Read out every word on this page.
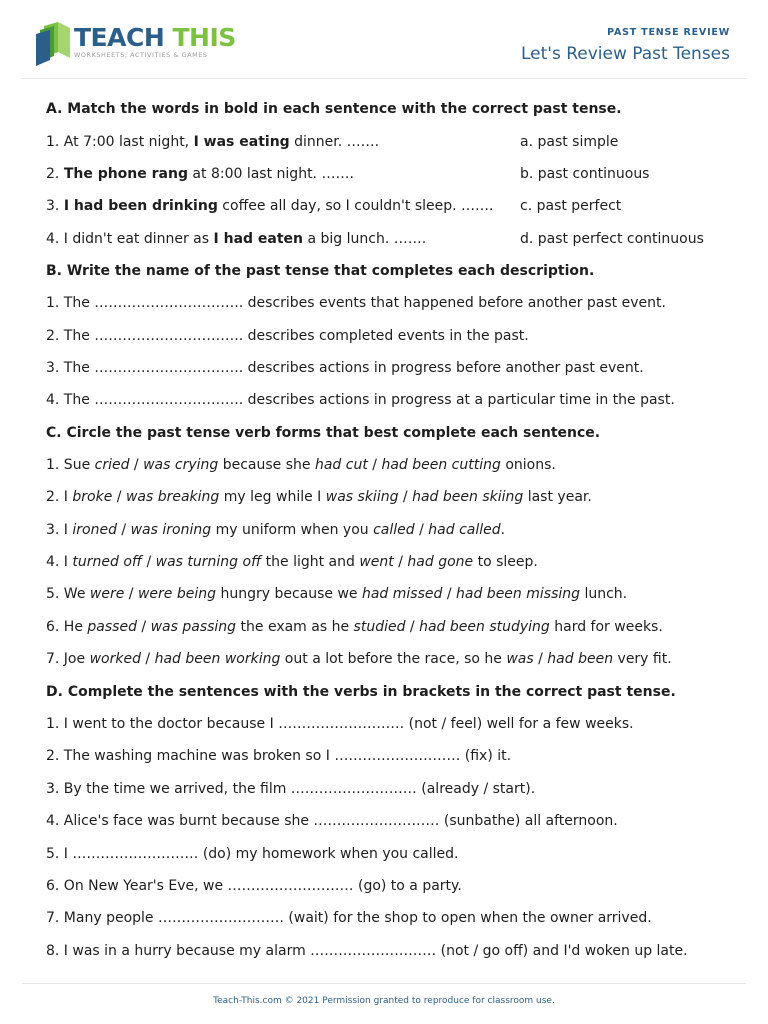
TEACH THIS
WORKSHEETS, ACTIVITIES & GAMES
PAST TENSE REVIEW
Let's Review Past Tenses
A. Match the words in bold in each sentence with the correct past tense.
1. At 7:00 last night, I was eating dinner. …….	a. past simple
2. The phone rang at 8:00 last night. …….	b. past continuous
3. I had been drinking coffee all day, so I couldn't sleep. ……. c. past perfect
4. I didn't eat dinner as I had eaten a big lunch. …….	d. past perfect continuous
B. Write the name of the past tense that completes each description.
1. The ………………………….. describes events that happened before another past event.
2. The ………………………….. describes completed events in the past.
3. The ………………………….. describes actions in progress before another past event.
4. The ………………………….. describes actions in progress at a particular time in the past.
C. Circle the past tense verb forms that best complete each sentence.
1. Sue cried / was crying because she had cut / had been cutting onions.
2. I broke / was breaking my leg while I was skiing / had been skiing last year.
3. I ironed / was ironing my uniform when you called / had called.
4. I turned off / was turning off the light and went / had gone to sleep.
5. We were / were being hungry because we had missed / had been missing lunch.
6. He passed / was passing the exam as he studied / had been studying hard for weeks.
7. Joe worked / had been working out a lot before the race, so he was / had been very fit.
D. Complete the sentences with the verbs in brackets in the correct past tense.
1. I went to the doctor because I ……………………… (not / feel) well for a few weeks.
2. The washing machine was broken so I ……………………… (fix) it.
3. By the time we arrived, the film ……………………… (already / start).
4. Alice's face was burnt because she ……………………… (sunbathe) all afternoon.
5. I ……………………… (do) my homework when you called.
6. On New Year's Eve, we ……………………… (go) to a party.
7. Many people ……………………… (wait) for the shop to open when the owner arrived.
8. I was in a hurry because my alarm ……………………… (not / go off) and I'd woken up late.
Teach-This.com © 2021 Permission granted to reproduce for classroom use.
